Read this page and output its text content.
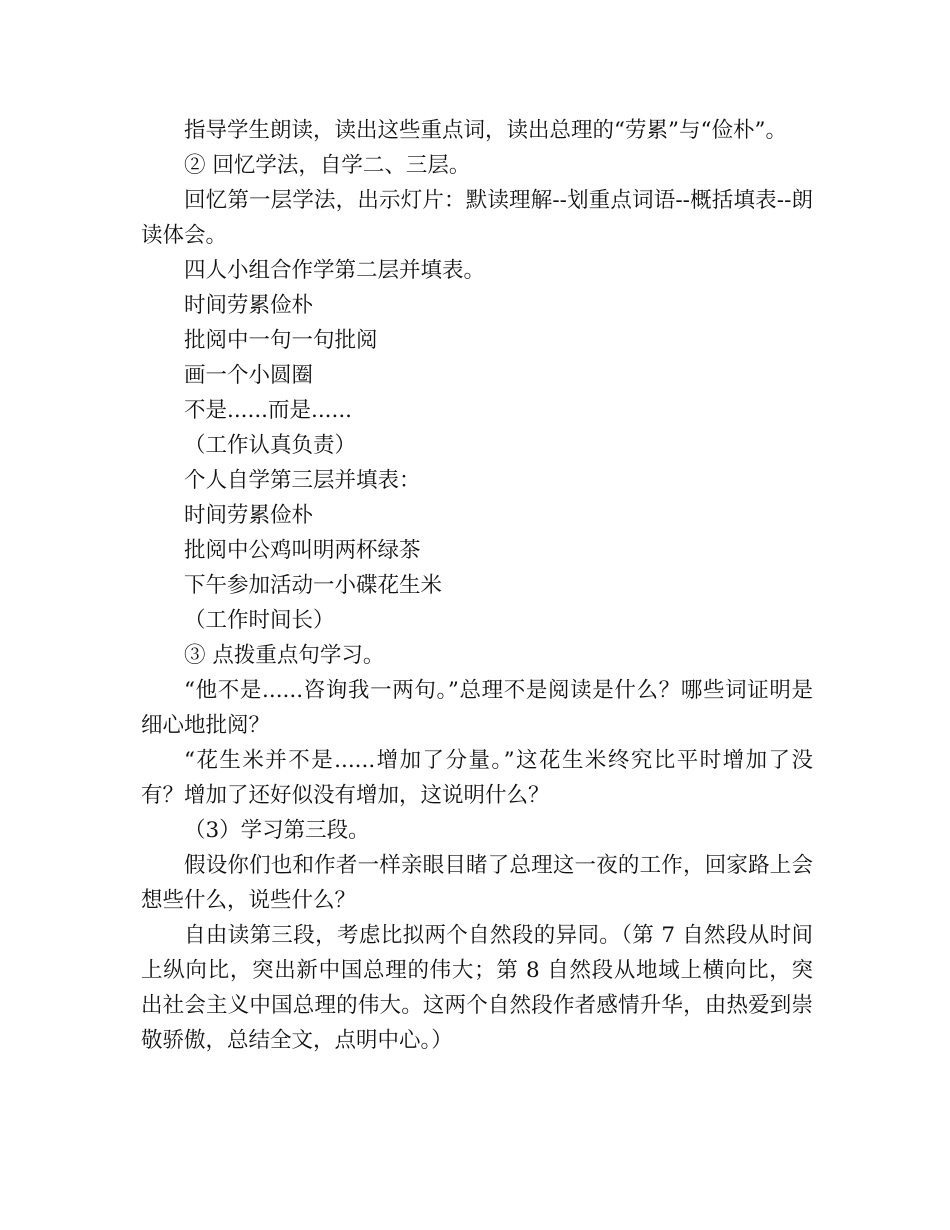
指导学生朗读，读出这些重点词，读出总理的“劳累”与“俭朴”。

② 回忆学法，自学二、三层。

回忆第一层学法，出示灯片：默读理解--划重点词语--概括填表--朗读体会。

四人小组合作学第二层并填表。

时间劳累俭朴

批阅中一句一句批阅

画一个小圆圈

不是......而是......

（工作认真负责）

个人自学第三层并填表：

时间劳累俭朴

批阅中公鸡叫明两杯绿茶

下午参加活动一小碟花生米

（工作时间长）

③ 点拨重点句学习。

“他不是......咨询我一两句。”总理不是阅读是什么？哪些词证明是细心地批阅？

“花生米并不是......增加了分量。”这花生米终究比平时增加了没有？增加了还好似没有增加，这说明什么？

（3）学习第三段。

假设你们也和作者一样亲眼目睹了总理这一夜的工作，回家路上会想些什么，说些什么？

自由读第三段，考虑比拟两个自然段的异同。（第 7 自然段从时间上纵向比，突出新中国总理的伟大；第 8 自然段从地域上横向比，突出社会主义中国总理的伟大。这两个自然段作者感情升华，由热爱到崇敬骄傲，总结全文，点明中心。）
